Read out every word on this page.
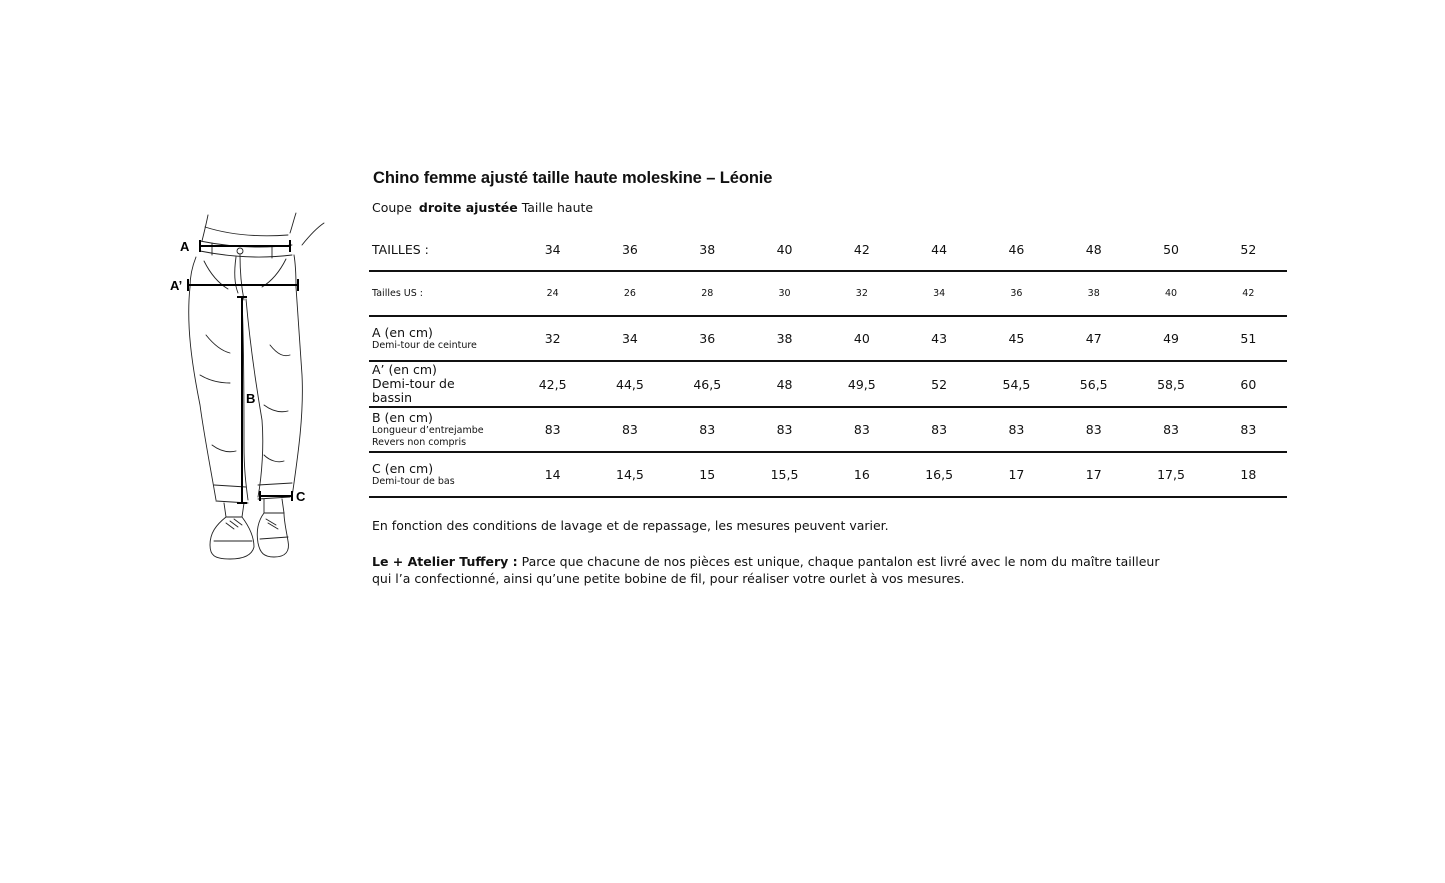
A
A’
B
C
Chino femme ajusté taille haute moleskine – Léonie
Coupe droite ajustée Taille haute
TAILLES :	34	36	38	40	42	44	46	48	50	52
Tailles US :	24	26	28	30	32	34	36	38	40	42

A (en cm)
Demi-tour de ceinture	32	34	36	38	40	43	45	47	49	51

A’ (en cm)
Demi-tour de
bassin	42,5	44,5	46,5	48	49,5	52	54,5	56,5	58,5	60

B (en cm)
Longueur d’entrejambe
Revers non compris	83	83	83	83	83	83	83	83	83	83

C (en cm)
Demi-tour de bas	14	14,5	15	15,5	16	16,5	17	17	17,5	18
En fonction des conditions de lavage et de repassage, les mesures peuvent varier.
Le + Atelier Tuffery : Parce que chacune de nos pièces est unique, chaque pantalon est livré avec le nom du maître tailleur qui l’a confectionné, ainsi qu’une petite bobine de fil, pour réaliser votre ourlet à vos mesures.
